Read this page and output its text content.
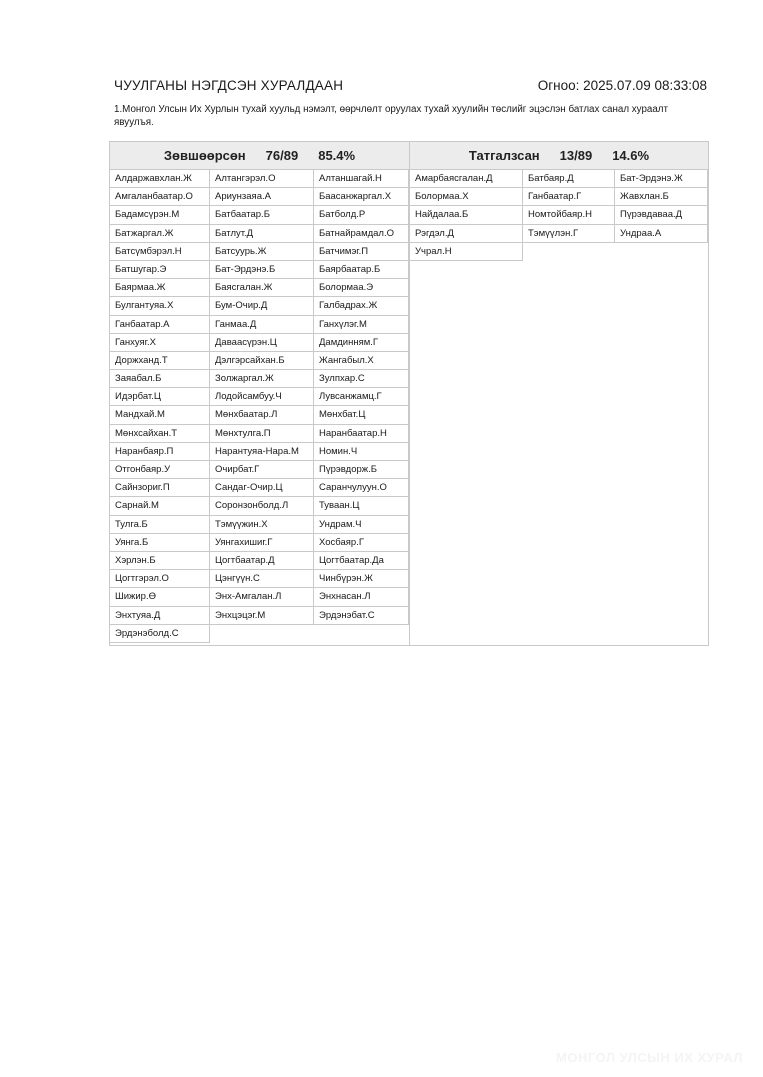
ЧУУЛГАНЫ НЭГДСЭН ХУРАЛДААН	Огноо: 2025.07.09 08:33:08
1.Монгол Улсын Их Хурлын тухай хуульд нэмэлт, өөрчлөлт оруулах тухай хуулийн төслийг эцэслэн батлах санал хураалт явуулъя.
Зөвшөөрсөн 76/89 85.4%
Алдаржавхлан.Ж	Алтангэрэл.О	Алтаншагай.Н
Амгаланбаатар.О	Ариунзаяа.А	Баасанжаргал.Х
Бадамсүрэн.М	Батбаатар.Б	Батболд.Р
Батжаргал.Ж	Батлут.Д	Батнайрамдал.О
Батсүмбэрэл.Н	Батсуурь.Ж	Батчимэг.П
Батшугар.Э	Бат-Эрдэнэ.Б	Баярбаатар.Б
Баярмаа.Ж	Баясгалан.Ж	Болормаа.Э
Булгантуяа.Х	Бум-Очир.Д	Галбадрах.Ж
Ганбаатар.А	Ганмаа.Д	Ганхүлэг.М
Ганхуяг.Х	Даваасүрэн.Ц	Дамдинням.Г
Доржханд.Т	Дэлгэрсайхан.Б	Жангабыл.Х
Заяабал.Б	Золжаргал.Ж	Зулпхар.С
Идэрбат.Ц	Лодойсамбуу.Ч	Лувсанжамц.Г
Мандхай.М	Мөнхбаатар.Л	Мөнхбат.Ц
Мөнхсайхан.Т	Мөнхтулга.П	Наранбаатар.Н
Наранбаяр.П	Нарантуяа-Нара.М	Номин.Ч
Отгонбаяр.У	Очирбат.Г	Пүрэвдорж.Б
Сайнзориг.П	Сандаг-Очир.Ц	Саранчулуун.О
Сарнай.М	Соронзонболд.Л	Туваан.Ц
Тулга.Б	Тэмүүжин.Х	Ундрам.Ч
Уянга.Б	Уянгахишиг.Г	Хосбаяр.Г
Хэрлэн.Б	Цогтбаатар.Д	Цогтбаатар.Да
Цогтгэрэл.О	Цэнгүүн.С	Чинбүрэн.Ж
Шижир.Ө	Энх-Амгалан.Л	Энхнасан.Л
Энхтуяа.Д	Энхцэцэг.М	Эрдэнэбат.С
Эрдэнэболд.С
Татгалзсан 13/89 14.6%
Амарбаясгалан.Д	Батбаяр.Д	Бат-Эрдэнэ.Ж
Болормаа.Х	Ганбаатар.Г	Жавхлан.Б
Найдалаа.Б	Номтойбаяр.Н	Пүрэвдаваа.Д
Рэгдэл.Д	Тэмүүлэн.Г	Ундраа.А
Учрал.Н
МОНГОЛ УЛСЫН ИХ ХУРАЛ
